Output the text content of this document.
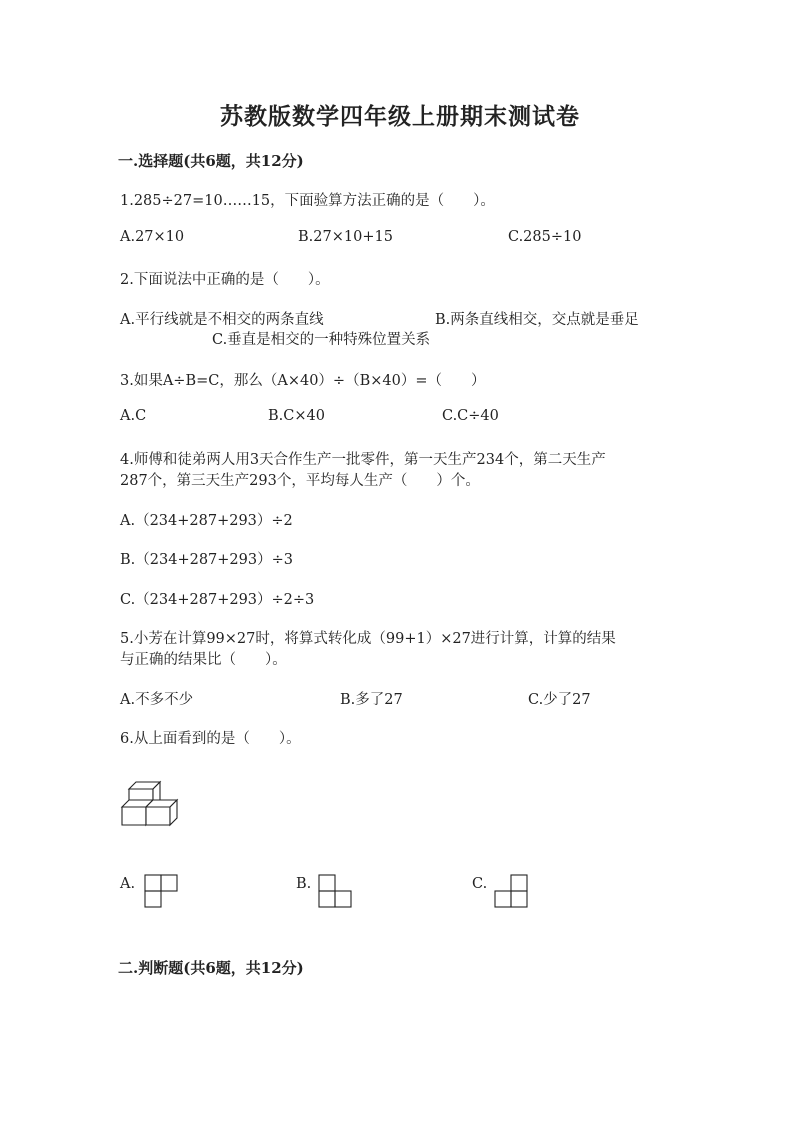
苏教版数学四年级上册期末测试卷
一.选择题(共6题，共12分)
1.285÷27=10……15，下面验算方法正确的是（　　）。
A.27×10	B.27×10+15	C.285÷10
2.下面说法中正确的是（　　）。
A.平行线就是不相交的两条直线	B.两条直线相交，交点就是垂足
C.垂直是相交的一种特殊位置关系
3.如果A÷B=C，那么（A×40）÷（B×40）=（　　）
A.C	B.C×40	C.C÷40
4.师傅和徒弟两人用3天合作生产一批零件，第一天生产234个，第二天生产
287个，第三天生产293个，平均每人生产（　　）个。
A.（234+287+293）÷2
B.（234+287+293）÷3
C.（234+287+293）÷2÷3
5.小芳在计算99×27时，将算式转化成（99+1）×27进行计算，计算的结果
与正确的结果比（　　）。
A.不多不少	B.多了27	C.少了27
6.从上面看到的是（　　）。
A.	B.	C.
二.判断题(共6题，共12分)
